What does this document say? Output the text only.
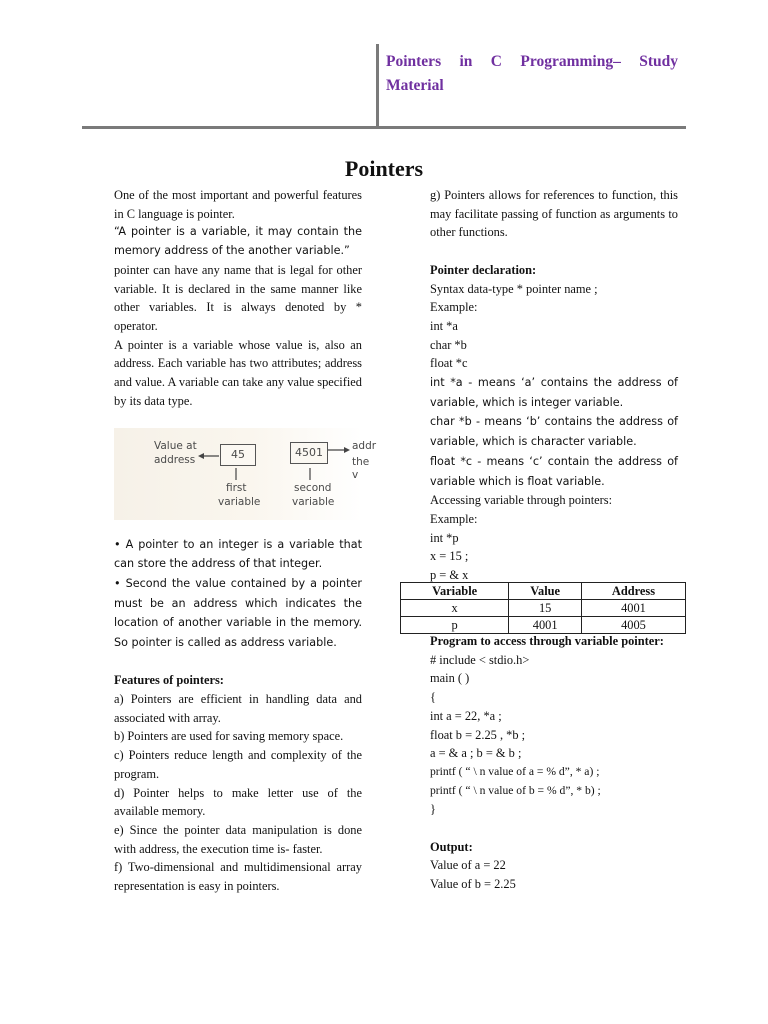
Pointers in C Programming– Study Material
Pointers

One of the most important and powerful features in C language is pointer.

“A pointer is a variable, it may contain the memory address of the another variable.”

pointer can have any name that is legal for other variable. It is declared in the same manner like other variables. It is always denoted by * operator.

A pointer is a variable whose value is, also an address. Each variable has two attributes; address and value. A variable can take any value specified by its data type.

Value at
address	45	4501	addr
the v
first
variable
second
variable

• A pointer to an integer is a variable that can store the address of that integer.

• Second the value contained by a pointer must be an address which indicates the location of another variable in the memory. So pointer is called as address variable.

Features of pointers:

a) Pointers are efficient in handling data and associated with array.

b) Pointers are used for saving memory space.

c) Pointers reduce length and complexity of the program.

d) Pointer helps to make letter use of the available memory.

e) Since the pointer data manipulation is done with address, the execution time is- faster.

f) Two-dimensional and multidimensional array representation is easy in pointers.

g) Pointers allows for references to function, this may facilitate passing of function as arguments to other functions.

Pointer declaration:

Syntax data-type * pointer name ;

Example:

int *a

char *b

float *c

int *a - means ‘a’ contains the address of variable, which is integer variable.

char *b - means ‘b’ contains the address of variable, which is character variable.

float *c - means ‘c’ contain the address of variable which is float variable.

Accessing variable through pointers:

Example:

int *p

x = 15 ;

p = & x

Variable	Value	Address
x	15	4001
p	4001	4005

Program to access through variable pointer:

# include < stdio.h>

main ( )

{

int a = 22, *a ;

float b = 2.25 , *b ;

a = & a ; b = & b ;

printf ( “ \ n value of a = % d”, * a) ;

printf ( “ \ n value of b = % d”, * b) ;

}

Output:

Value of a = 22

Value of b = 2.25
